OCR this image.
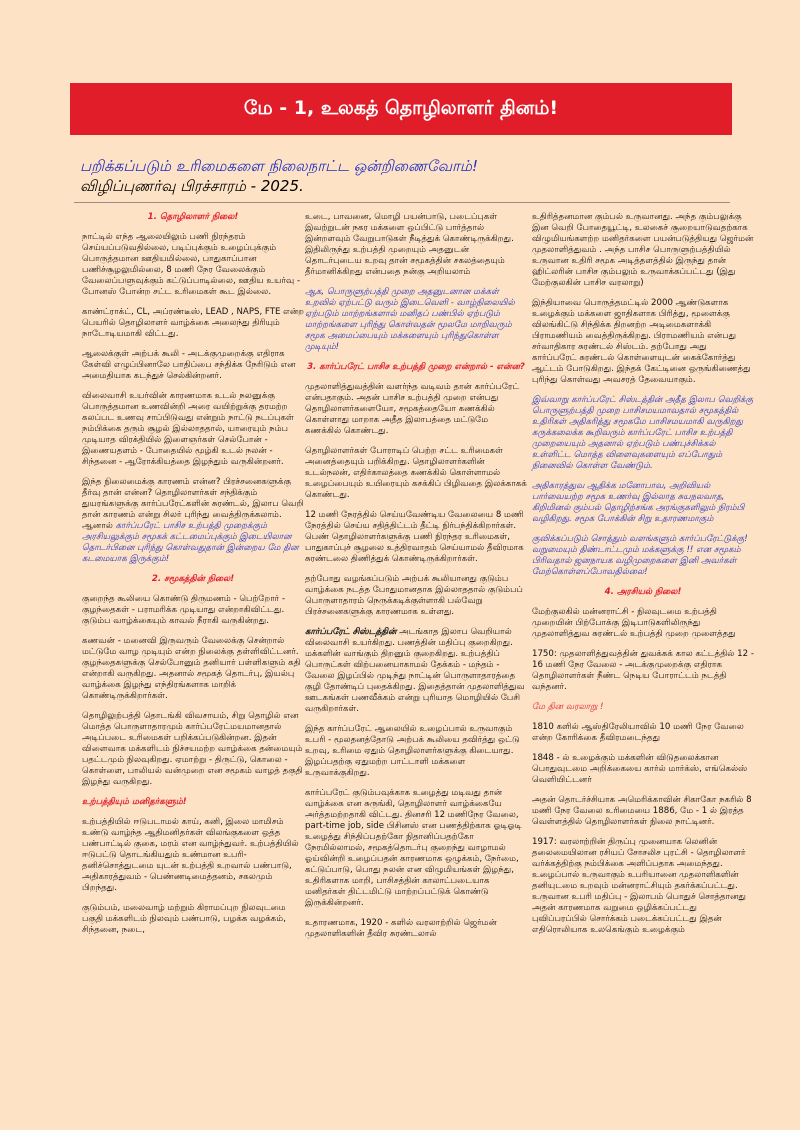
மே - 1, உலகத் தொழிலாளர் தினம்!
பறிக்கப்படும் உரிமைகளை நிலைநாட்ட ஒன்றிணைவோம்!
விழிப்புணர்வு பிரச்சாரம் - 2025.

1. தொழிலாளர் நிலை!

நாட்டில் எந்த ஆலையிலும் பணி நிரந்தரம் செய்யப்படுவதில்லை, படிப்புக்கும் உழைப்புக்கும் பொருத்தமான ஊதியமில்லை, பாதுகாப்பான பணிச்சூழலுமில்லை, 8 மணி நேர வேலைக்கும் வேலைப்பளுவுக்கும் கட்டுப்பாடில்லை, ஊதிய உயர்வு - போனஸ் போன்ற சட்ட உரிமைகள் கூட இல்லை.

காண்ட்ராக்ட், CL, அப்ரண்டீஸ், LEAD , NAPS, FTE என்ற பெயரில் தொழிலாளர் வாழ்க்கை அலைந்து திரியும் நாடோடியமாகி விட்டது.

ஆலைக்குள் அற்பக் கூலி - அடக்குமுறைக்கு எதிராக கேள்வி எழுப்பினாலே பாதிப்பை சந்திக்க நேரிடும் என அமைதியாக கடந்துச் செல்கின்றனர்.

விலைவாசி உயர்வின் காரணமாக உடல் நலனுக்கு பொருத்தமான உணவின்றி அரை வயிற்றுக்கு தரமற்ற கலப்பட உணவு சாப்பிடுவது என்றும் நாட்டு நடப்புகள் நம்பிக்கை தரும் சூழல் இல்லாததால், யாரையும் நம்ப முடியாத விரக்தியில் இளைஞர்கள் செல்போன் - இணையதளம் - போதையில் மூழ்கி உடல் நலன் - சிந்தனை - ஆரோக்கியத்தை இழந்தும் வருகின்றனர்.

இந்த நிலைமைக்கு காரணம் என்ன? பிரச்சனைகளுக்கு தீர்வு தான் என்ன? தொழிலாளர்கள் சந்திக்கும் துயரங்களுக்கு கார்ப்பரேட்களின் சுரண்டல், இலாப வெறி தான் காரணம் என்று சிலர் புரிந்து வைத்திருக்கலாம். ஆனால் கார்ப்பரேட் பாசிச உற்பத்தி முறைக்கும் அரசியலுக்கும் சமூகக் கட்டமைப்புக்கும் இடையிலான தொடர்பினை புரிந்து கொள்வதுதான் இன்றைய மே தின கடமையாக இருக்கும்!

2. சமூகத்தின் நிலை!

குறைந்த கூலியை கொண்டு திருமணம் - பெற்றோர் - குழந்தைகள் - பராமரிக்க முடியாது என்றாகிவிட்டது. குடும்ப வாழ்க்கையும் காவல் நீராகி வருகின்றது.

கணவன் - மனைவி இருவரும் வேலைக்கு சென்றால் மட்டுமே வாழ முடியும் என்ற நிலைக்கு தள்ளிவிட்டனர். குழந்தைகளுக்கு செல்போனும் தனியார் பள்ளிகளும் கதி என்றாகி வருகிறது. அதனால் சமூகத் தொடர்பு, இயல்பு வாழ்க்கை இழந்து எந்திரங்களாக மாறிக் கொண்டிருக்கிறார்கள்.

தொழிலுற்பத்தி தொடங்கி விவசாயம், சிறு தொழில் என மொத்த பொருளாதாரமும் கார்ப்பரேட்மயமானதால் அடிப்படை உரிமைகள் பறிக்கப்படுகின்றன. இதன் விளைவாக மக்களிடம் நிச்சயமற்ற வாழ்க்கை தன்மையும் பதட்டமும் நிலவுகிறது. ஏமாற்று - திருட்டு, கொலை - கொள்ளை, பாலியல் வன்முறை என சமூகம் வாழத் தகுதி இழந்து வருகிறது.

உற்பத்தியும் மனிதர்களும்!

உற்பத்தியில் ஈடுபடாமல் காய், கனி, இலை மாமிசம் உண்டு வாழ்ந்த ஆதிமனிதர்கள் விலங்குகளை ஒத்த பண்பாட்டில் குகை, மரம் என வாழ்ந்துவர். உற்பத்தியில் ஈடுபட்டு தொடங்கியதும் உண்மான உபரி-தனிச்சொத்துடமை யுடன் உற்பத்தி உறவால் பண்பாடு, அதிகாரத்துவம் - பெண்ணடிமைத்தனம், சகலமும் பிறந்தது.

குடும்பம், மலைவாழ் மற்றும் கிராமப்புற நிலவுடமை பகுதி மக்களிடம் நிலவும் பண்பாடு, பழக்க வழக்கம், சிந்தனை, நடை,

உடை, பாவனை, மொழி பயன்பாடு, படைப்புகள் இவற்றுடன் நகர மக்களை ஒப்பிட்டு பார்த்தால் இன்றளவும் வேறுபாடுகள் நீடித்துக் கொண்டிருக்கிறது. இதிலிருந்து உற்பத்தி முறையும் அதனுடன் தொடர்புடைய உறவு தான் சமூகத்தின் சகலத்தையும் தீர்மானிக்கிறது என்பதை நன்கு அறியலாம்

ஆக, பொருளுற்பத்தி முறை அதனுடனான மக்கள் உறவில் ஏற்பட்டு வரும் இடைவெளி - வாழ்நிலையில் ஏற்படும் மாற்றங்களால் மனிதப் பண்பில் ஏற்படும் மாற்றங்களை புரிந்து கொள்வதன் மூலமே மாறிவரும் சமூக அமைப்பையும் மக்களையும் புரிந்துகொள்ள முடியும்!

3. கார்ப்பரேட் பாசிச உற்பத்தி முறை என்றால் - என்ன?

முதலாளித்துவத்தின் வளர்ந்த வடிவம் தான் கார்ப்பரேட் என்பதாகும். அதன் பாசிச உற்பத்தி முறை என்பது தொழிலாளர்களையோ, சமூகத்தையோ கணக்கில் கொள்ளாது மாறாக அதீத இலாபத்தை மட்டுமே கணக்கில் கொண்டது.

தொழிலாளர்கள் போராடிப் பெற்ற சட்ட உரிமைகள் அனைத்தையும் பறிக்கிறது. தொழிலாளர்களின் உடல்நலன், எதிர்காலத்தை கணக்கில் கொள்ளாமல் உழைப்பையும் உயிரையும் கசக்கிப் பிழிவதை இலக்காகக் கொண்டது.

12 மணி நேரத்தில் செய்யவேண்டிய வேலையை 8 மணி நேரத்தில் செய்ய சதித்திட்டம் தீட்டி நிர்பந்திக்கிறார்கள். பெண் தொழிலாளர்களுக்கு பணி நிரந்தர உரிமைகள், பாதுகாப்புச் சூழலை உத்திரவாதம் செய்யாமல் தீவிரமாக சுரண்டலை திணித்துக் கொண்டிருக்கிறார்கள்.

தற்போது வழங்கப்படும் அற்பக் கூலியானது குடும்ப வாழ்க்கை நடத்த போதுமானதாக இல்லாததால் குடும்பப் பொருளாதாரம் நெருக்கடிக்குள்ளாகி பல்வேறு பிரச்சனைகளுக்கு காரணமாக உள்ளது.

கார்ப்பரேட் சிஸ்டத்தின் அடங்காத இலாப வெறியால் விலைவாசி உயர்கிறது. பணத்தின் மதிப்பு குறைகிறது. மக்களின் வாங்கும் திறனும் குறைகிறது. உற்பத்திப் பொருட்கள் விற்பனையாகாமல் தேக்கம் - மந்தம் - வேலை இழப்பில் முடிந்து நாட்டின் பொருளாதாரத்தை குழி தோண்டிப் புதைக்கிறது. இதைத்தான் முதலாளித்துவ ஊடகங்கள் பணவீக்கம் என்று புரியாத மொழியில் பேசி வருகிறார்கள்.

இந்த கார்ப்பரேட் ஆலையில் உழைப்பால் உருவாகும் உபரி - மூலதனத்தோடு அற்பக் கூலியை தவிர்த்து ஒட்டு உறவு, உரிமை ஏதும் தொழிலாளர்களுக்கு கிடையாது. இழப்பதற்கு ஏதுமற்ற பாட்டாளி மக்களை உருவாக்குகிறது.

கார்ப்பரேட் குடும்பவுக்காக உழைத்து மடிவது தான் வாழ்க்கை என சுருங்கி, தொழிலாளர் வாழ்க்கையே அர்த்தமற்றதாகி விட்டது. தினசரி 12 மணிநேர வேலை, part-time job, side பிசினஸ் என பணத்திற்காக ஓடிஓடி உழைத்து சிந்திப்பதற்கோ நிதானிப்பதற்கோ நேரமில்லாமல், சமூகத்தொடர்பு குறைந்து வாழாமல் ஓய்வின்றி உழைப்பதன் காரணமாக ஒழுக்கம், நேர்மை, கட்டுப்பாடு, பொது நலன் என விழுமியங்கள் இழந்து, உதிரிகளாக மாறி, பாசிசத்தின் காலாட்படையாக மனிதர்கள் திட்டமிட்டு மாற்றப்பட்டுக் கொண்டு இருக்கின்றனர்.

உதாரணமாக, 1920 - களில் வரலாற்றில் ஜெர்மன் முதலாளிகளின் தீவிர சுரண்டலால்

உதிரித்தனமான கும்பல் உருவானது. அந்த கும்பலுக்கு இன வெறி போதையூட்டி, உலகைச் சூறையாடுவதற்காக விழுமியங்களற்ற மனிதர்களை பயன்படுத்தியது ஜெர்மன் முதலாளித்துவம் . அந்த பாசிச பொருளுற்பத்தியில் உருவான உதிரி சமூக அடித்தளத்தில் இருந்து தான் ஹிட்லரின் பாசிச கும்பலும் உருவாக்கப்பட்டது (இது மேற்குலகின் பாசிச வரலாறு)

இந்தியாவை பொருத்தமட்டில் 2000 ஆண்டுகளாக உழைக்கும் மக்களை ஜாதிகளாக பிரித்து, மூளைக்கு விலங்கிட்டு சிந்திக்க திறனற்ற அடிமைகளாக்கி பிராமணியம் வைத்திருக்கிறது. பிராமணியம் என்பது சர்வாதிகார சுரண்டல் சிஸ்டம். தற்போது அது கார்ப்பரேட் சுரண்டல் கொள்ளையுடன் கைக்கோர்த்து ஆட்டம் போடுகிறது. இந்தக் கேட்டினை ஒருங்கிணைத்து புரிந்து கொள்வது அவசரத் தேவையாகும்.

இவ்வாறு கார்ப்பரேட் சிஸ்டத்தின் அதீத இலாப வெறிக்கு பொருளுற்பத்தி முறை பாசிசமயமாவதால் சமூகத்தில் உதிரிகள் அதிகரித்து சமூகமே பாசிசமயமாகி வருகிறது கருக்கலைக்க கூறிவரும் கார்ப்பரேட் பாசிச உற்பத்தி முறையையும் அதனால் ஏற்படும் பண்புச்சிக்கல் உள்ளிட்ட மொத்த விளைவுகளையும் எப்போதும் நினைவில் கொள்ள வேண்டும்.

அதிகாரத்துவ ஆதிக்க மனோபாவ, அறிவியல் பார்வையற்ற சமூக உணர்வு இல்லாத சுயநலவாத, கிறிமினல் கும்பல் தொழிற்சங்க அரங்குகளிலும் நிரம்பி வழிகிறது. சமூக போக்கின் சிறு உதாரணமாகும்

குவிக்கப்படும் சொத்தும் வளங்களும் கார்ப்பரேட்டுக்கு! வறுமையும் திண்டாட்டமும் மக்களுக்கு !! என சமூகம் பிரிவதால் ஜனநாயக வழிமுறைகளை இனி அவர்கள் மேற்கொள்ளப்போவதில்லை!

4. அரசியல் நிலை!

மேற்குலகில் மன்னராட்சி - நிலவுடமை உற்பத்தி முறையின் பிற்போக்கு இடிபாடுகளிலிருந்து முதலாளித்துவ சுரண்டல் உற்பத்தி முறை முளைத்தது

1750: முதலாளித்துவத்தின் துவக்கக் கால கட்டத்தில் 12 - 16 மணி நேர வேலை - அடக்குமுறைக்கு எதிராக தொழிலாளர்கள் நீண்ட நெடிய போராட்டம் நடத்தி வந்தனர்.

மே தின வரலாறு !

1810 களில் ஆஸ்திரேலியாவில் 10 மணி நேர வேலை என்ற கோரிக்கை தீவிரமடைந்தது

1848 - ல் உழைக்கும் மக்களின் விடுதலைக்கான பொதுவுடமை அறிக்கையை கார்ல் மார்க்ஸ், எங்கெல்ஸ் வெளியிட்டனர்

அதன் தொடர்ச்சியாக அமெரிக்காவின் சிகாகோ நகரில் 8 மணி நேர வேலை உரிமையை 1886, மே - 1 ல் இரத்த வெள்ளத்தில் தொழிலாளர்கள் நிலை நாட்டினர்.

1917: வரலாற்றின் திருப்பு முனையாக லெனின் தலைமையிலான ரசியப் சோசலிச புரட்சி - தொழிலாளர் வர்க்கத்திற்கு நம்பிக்கை அளிப்பதாக அமைந்தது. உழைப்பால் உருவாகும் உபரியானை முதலாளிகளின் தனியுடமை உறவும் மன்னராட்சியும் தகர்க்கப்பட்டது. உருவான உபரி மதிப்பு - இலாபம் பொதுச் சொத்தானது அதன் காரணமாக வறுமை ஒழிக்கப்பட்டது புவிப்பரப்பில் சொர்க்கம் படைக்கப்பட்டது இதன் எதிரொலியாக உலகெங்கும் உழைக்கும்
